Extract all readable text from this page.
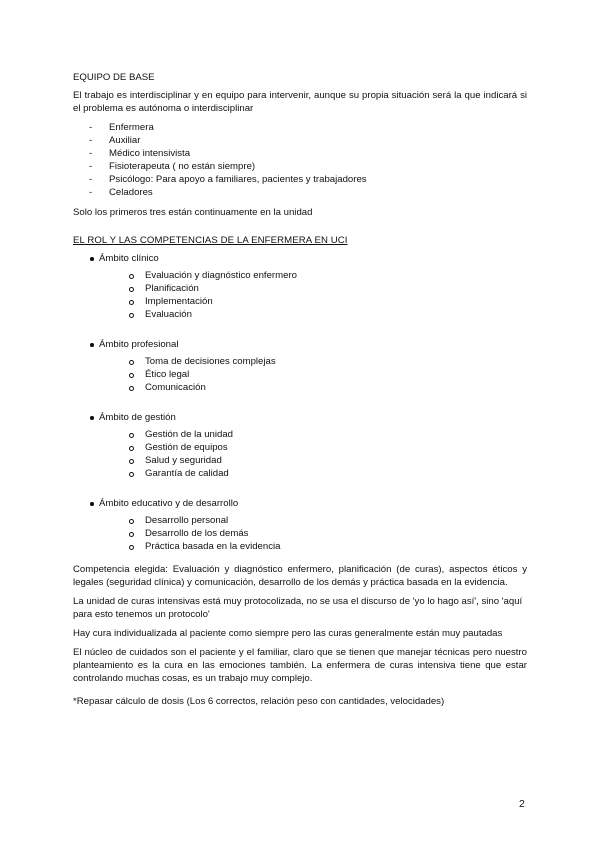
EQUIPO DE BASE

El trabajo es interdisciplinar y en equipo para intervenir, aunque su propia situación será la que indicará si el problema es autónoma o interdisciplinar

- Enfermera
- Auxiliar
- Médico intensivista
- Fisioterapeuta ( no están siempre)
- Psicólogo: Para apoyo a familiares, pacientes y trabajadores
- Celadores

Solo los primeros tres están continuamente en la unidad

EL ROL Y LAS COMPETENCIAS DE LA ENFERMERA EN UCI

Ámbito clínico

Evaluación y diagnóstico enfermero
Planificación
Implementación
Evaluación

Ámbito profesional

Toma de decisiones complejas
Ético legal
Comunicación

Ámbito de gestión

Gestión de la unidad
Gestión de equipos
Salud y seguridad
Garantía de calidad

Ámbito educativo y de desarrollo

Desarrollo personal
Desarrollo de los demás
Práctica basada en la evidencia

Competencia elegida: Evaluación y diagnóstico enfermero, planificación (de curas), aspectos éticos y legales (seguridad clínica) y comunicación, desarrollo de los demás y práctica basada en la evidencia.

La unidad de curas intensivas está muy protocolizada, no se usa el discurso de 'yo lo hago así', sino 'aquí para esto tenemos un protocolo'

Hay cura individualizada al paciente como siempre pero las curas generalmente están muy pautadas

El núcleo de cuidados son el paciente y el familiar, claro que se tienen que manejar técnicas pero nuestro planteamiento es la cura en las emociones también. La enfermera de curas intensiva tiene que estar controlando muchas cosas, es un trabajo muy complejo.

*Repasar cálculo de dosis (Los 6 correctos, relación peso con cantidades, velocidades)

2
